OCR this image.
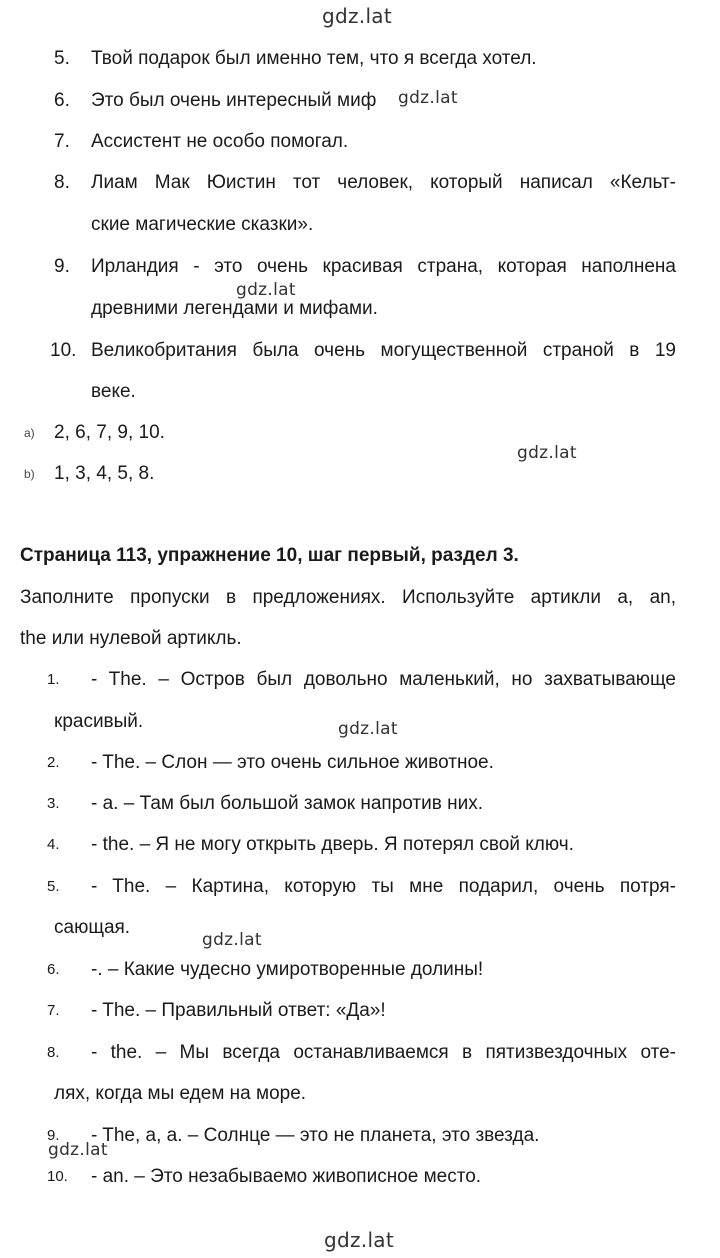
gdz.lat
gdz.lat
gdz.lat
gdz.lat
gdz.lat
gdz.lat
gdz.lat
gdz.lat
5. Твой подарок был именно тем, что я всегда хотел.
6. Это был очень интересный миф
7. Ассистент не особо помогал.
8. Лиам Мак Юистин тот человек, который написал «Кельт-
ские магические сказки».
9. Ирландия - это очень красивая страна, которая наполнена
древними легендами и мифами.
10. Великобритания была очень могущественной страной в 19
веке.
a) 2, 6, 7, 9, 10.
b) 1, 3, 4, 5, 8.
Страница 113, упражнение 10, шаг первый, раздел 3.
Заполните пропуски в предложениях. Используйте артикли a, an,
the или нулевой артикль.
1. - The. – Остров был довольно маленький, но захватывающе
красивый.
2. - The. – Слон — это очень сильное животное.
3. - a. – Там был большой замок напротив них.
4. - the. – Я не могу открыть дверь. Я потерял свой ключ.
5. - The. – Картина, которую ты мне подарил, очень потря-
сающая.
6. -. – Какие чудесно умиротворенные долины!
7. - The. – Правильный ответ: «Да»!
8. - the. – Мы всегда останавливаемся в пятизвездочных оте-
лях, когда мы едем на море.
9. - The, a, a. – Солнце — это не планета, это звезда.
10. - an. – Это незабываемо живописное место.
